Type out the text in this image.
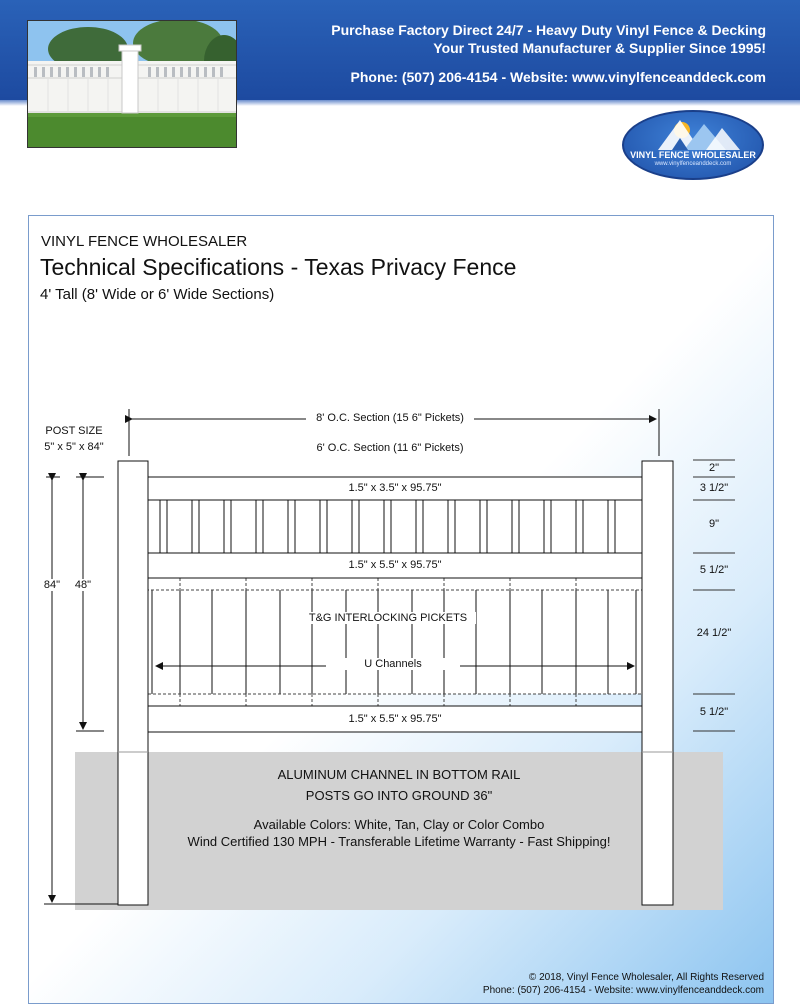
Purchase Factory Direct 24/7 - Heavy Duty Vinyl Fence & Decking
Your Trusted Manufacturer & Supplier Since 1995!
Phone: (507) 206-4154 - Website: www.vinylfenceanddeck.com
VINYL FENCE WHOLESALER
www.vinylfenceanddeck.com
VINYL FENCE WHOLESALER
Technical Specifications - Texas Privacy Fence
4' Tall (8' Wide or 6' Wide Sections)
POST SIZE
5" x 5" x 84"
8' O.C. Section (15 6" Pickets)
6' O.C. Section (11 6" Pickets)
1.5" x 3.5" x 95.75"
1.5" x 5.5" x 95.75"
1.5" x 5.5" x 95.75"
T&G INTERLOCKING PICKETS
U Channels
84"	48"
2"
3 1/2"
9"
5 1/2"
24 1/2"
5 1/2"
ALUMINUM CHANNEL IN BOTTOM RAIL
POSTS GO INTO GROUND 36"
Available Colors: White, Tan, Clay or Color Combo
Wind Certified 130 MPH - Transferable Lifetime Warranty - Fast Shipping!
© 2018, Vinyl Fence Wholesaler, All Rights Reserved
Phone: (507) 206-4154 - Website: www.vinylfenceanddeck.com
